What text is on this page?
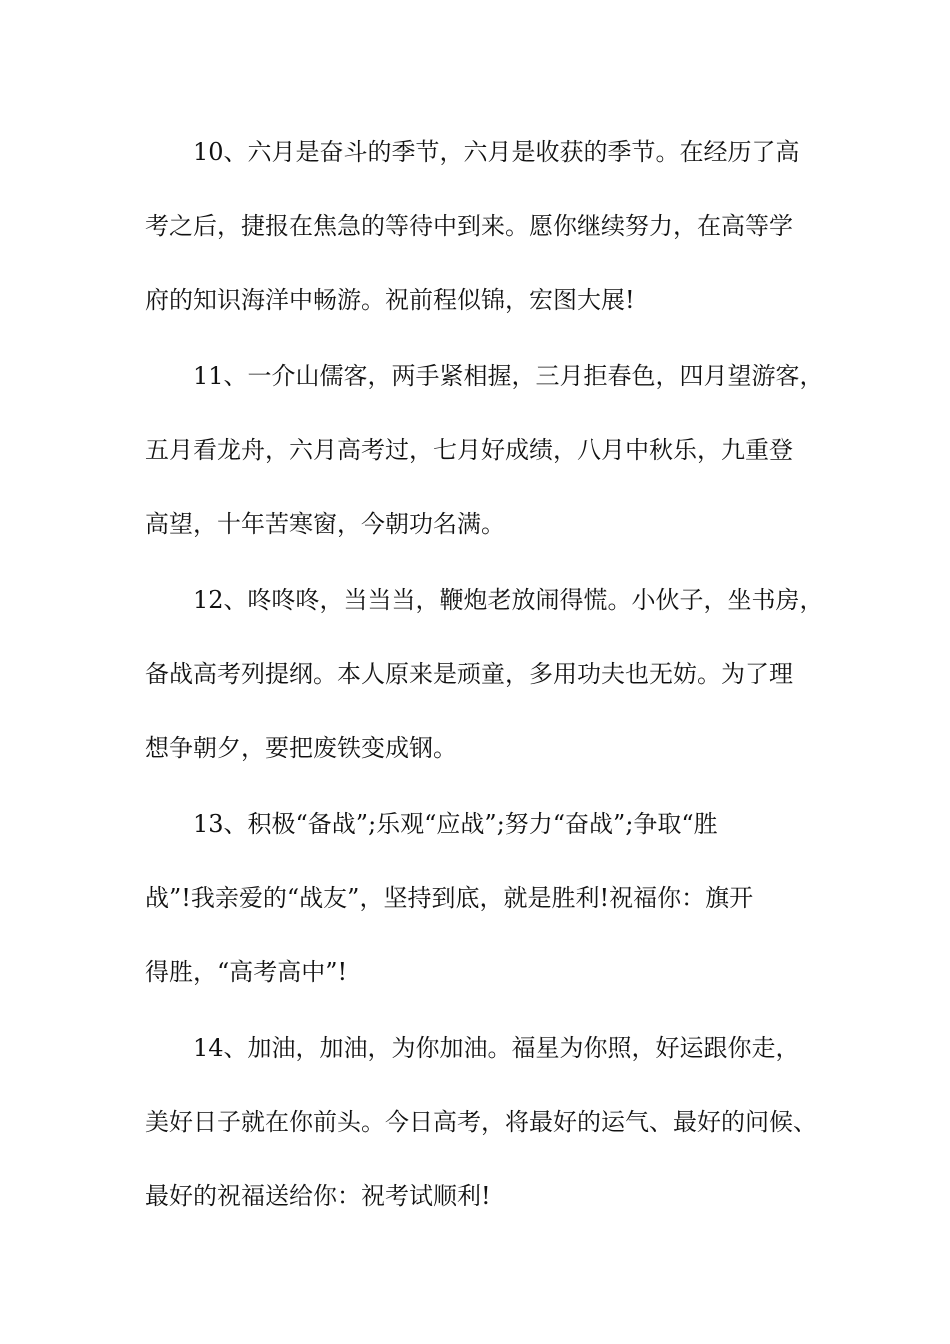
10、六月是奋斗的季节，六月是收获的季节。在经历了高

考之后，捷报在焦急的等待中到来。愿你继续努力，在高等学

府的知识海洋中畅游。祝前程似锦，宏图大展!

11、一介山儒客，两手紧相握，三月拒春色，四月望游客，

五月看龙舟，六月高考过，七月好成绩，八月中秋乐，九重登

高望，十年苦寒窗，今朝功名满。

12、咚咚咚，当当当，鞭炮老放闹得慌。小伙子，坐书房，

备战高考列提纲。本人原来是顽童，多用功夫也无妨。为了理

想争朝夕，要把废铁变成钢。

13、积极“备战”;乐观“应战”;努力“奋战”;争取“胜

战”!我亲爱的“战友”，坚持到底，就是胜利!祝福你：旗开

得胜，“高考高中”!

14、加油，加油，为你加油。福星为你照，好运跟你走，

美好日子就在你前头。今日高考，将最好的运气、最好的问候、

最好的祝福送给你：祝考试顺利!
